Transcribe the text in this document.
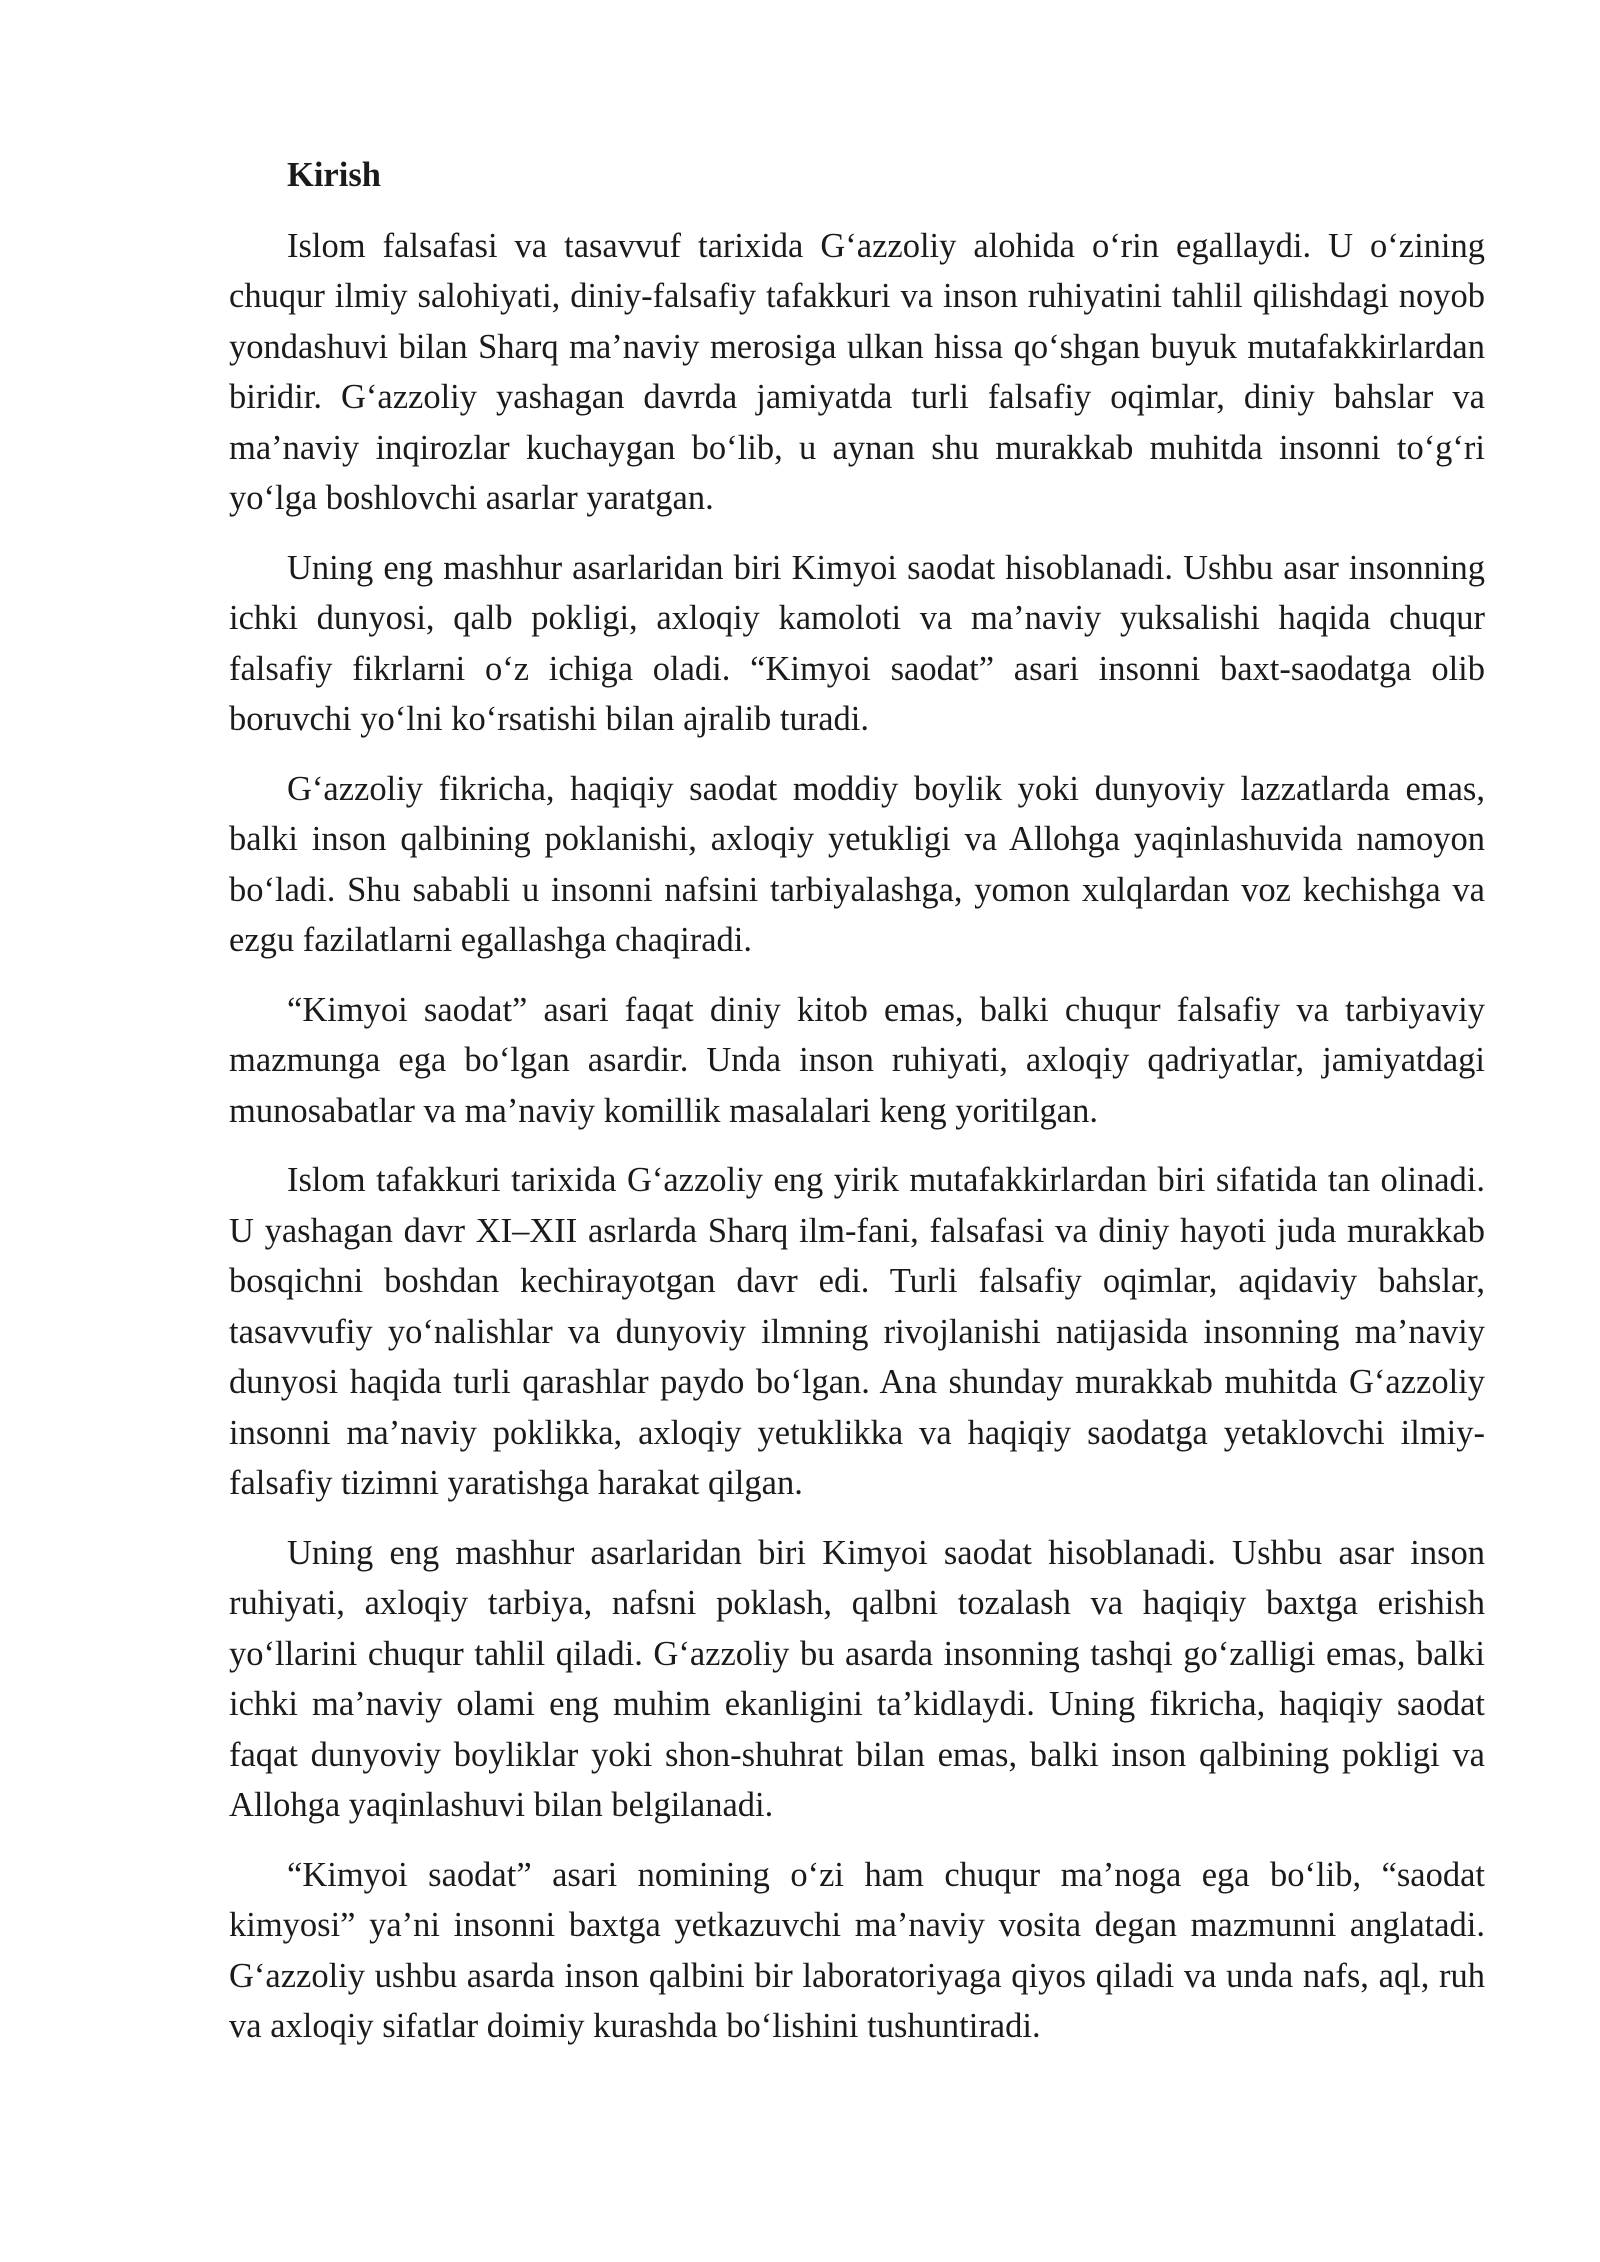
Kirish

Islom falsafasi va tasavvuf tarixida G‘azzoliy alohida o‘rin egallaydi. U o‘zining chuqur ilmiy salohiyati, diniy-falsafiy tafakkuri va inson ruhiyatini tahlil qilishdagi noyob yondashuvi bilan Sharq ma’naviy merosiga ulkan hissa qo‘shgan buyuk mutafakkirlardan biridir. G‘azzoliy yashagan davrda jamiyatda turli falsafiy oqimlar, diniy bahslar va ma’naviy inqirozlar kuchaygan bo‘lib, u aynan shu murakkab muhitda insonni to‘g‘ri yo‘lga boshlovchi asarlar yaratgan.

Uning eng mashhur asarlaridan biri Kimyoi saodat hisoblanadi. Ushbu asar insonning ichki dunyosi, qalb pokligi, axloqiy kamoloti va ma’naviy yuksalishi haqida chuqur falsafiy fikrlarni o‘z ichiga oladi. “Kimyoi saodat” asari insonni baxt-saodatga olib boruvchi yo‘lni ko‘rsatishi bilan ajralib turadi.

G‘azzoliy fikricha, haqiqiy saodat moddiy boylik yoki dunyoviy lazzatlarda emas, balki inson qalbining poklanishi, axloqiy yetukligi va Allohga yaqinlashuvida namoyon bo‘ladi. Shu sababli u insonni nafsini tarbiyalashga, yomon xulqlardan voz kechishga va ezgu fazilatlarni egallashga chaqiradi.

“Kimyoi saodat” asari faqat diniy kitob emas, balki chuqur falsafiy va tarbiyaviy mazmunga ega bo‘lgan asardir. Unda inson ruhiyati, axloqiy qadriyatlar, jamiyatdagi munosabatlar va ma’naviy komillik masalalari keng yoritilgan.

Islom tafakkuri tarixida G‘azzoliy eng yirik mutafakkirlardan biri sifatida tan olinadi. U yashagan davr XI–XII asrlarda Sharq ilm-fani, falsafasi va diniy hayoti juda murakkab bosqichni boshdan kechirayotgan davr edi. Turli falsafiy oqimlar, aqidaviy bahslar, tasavvufiy yo‘nalishlar va dunyoviy ilmning rivojlanishi natijasida insonning ma’naviy dunyosi haqida turli qarashlar paydo bo‘lgan. Ana shunday murakkab muhitda G‘azzoliy insonni ma’naviy poklikka, axloqiy yetuklikka va haqiqiy saodatga yetaklovchi ilmiy-falsafiy tizimni yaratishga harakat qilgan.

Uning eng mashhur asarlaridan biri Kimyoi saodat hisoblanadi. Ushbu asar inson ruhiyati, axloqiy tarbiya, nafsni poklash, qalbni tozalash va haqiqiy baxtga erishish yo‘llarini chuqur tahlil qiladi. G‘azzoliy bu asarda insonning tashqi go‘zalligi emas, balki ichki ma’naviy olami eng muhim ekanligini ta’kidlaydi. Uning fikricha, haqiqiy saodat faqat dunyoviy boyliklar yoki shon-shuhrat bilan emas, balki inson qalbining pokligi va Allohga yaqinlashuvi bilan belgilanadi.

“Kimyoi saodat” asari nomining o‘zi ham chuqur ma’noga ega bo‘lib, “saodat kimyosi” ya’ni insonni baxtga yetkazuvchi ma’naviy vosita degan mazmunni anglatadi. G‘azzoliy ushbu asarda inson qalbini bir laboratoriyaga qiyos qiladi va unda nafs, aql, ruh va axloqiy sifatlar doimiy kurashda bo‘lishini tushuntiradi.
